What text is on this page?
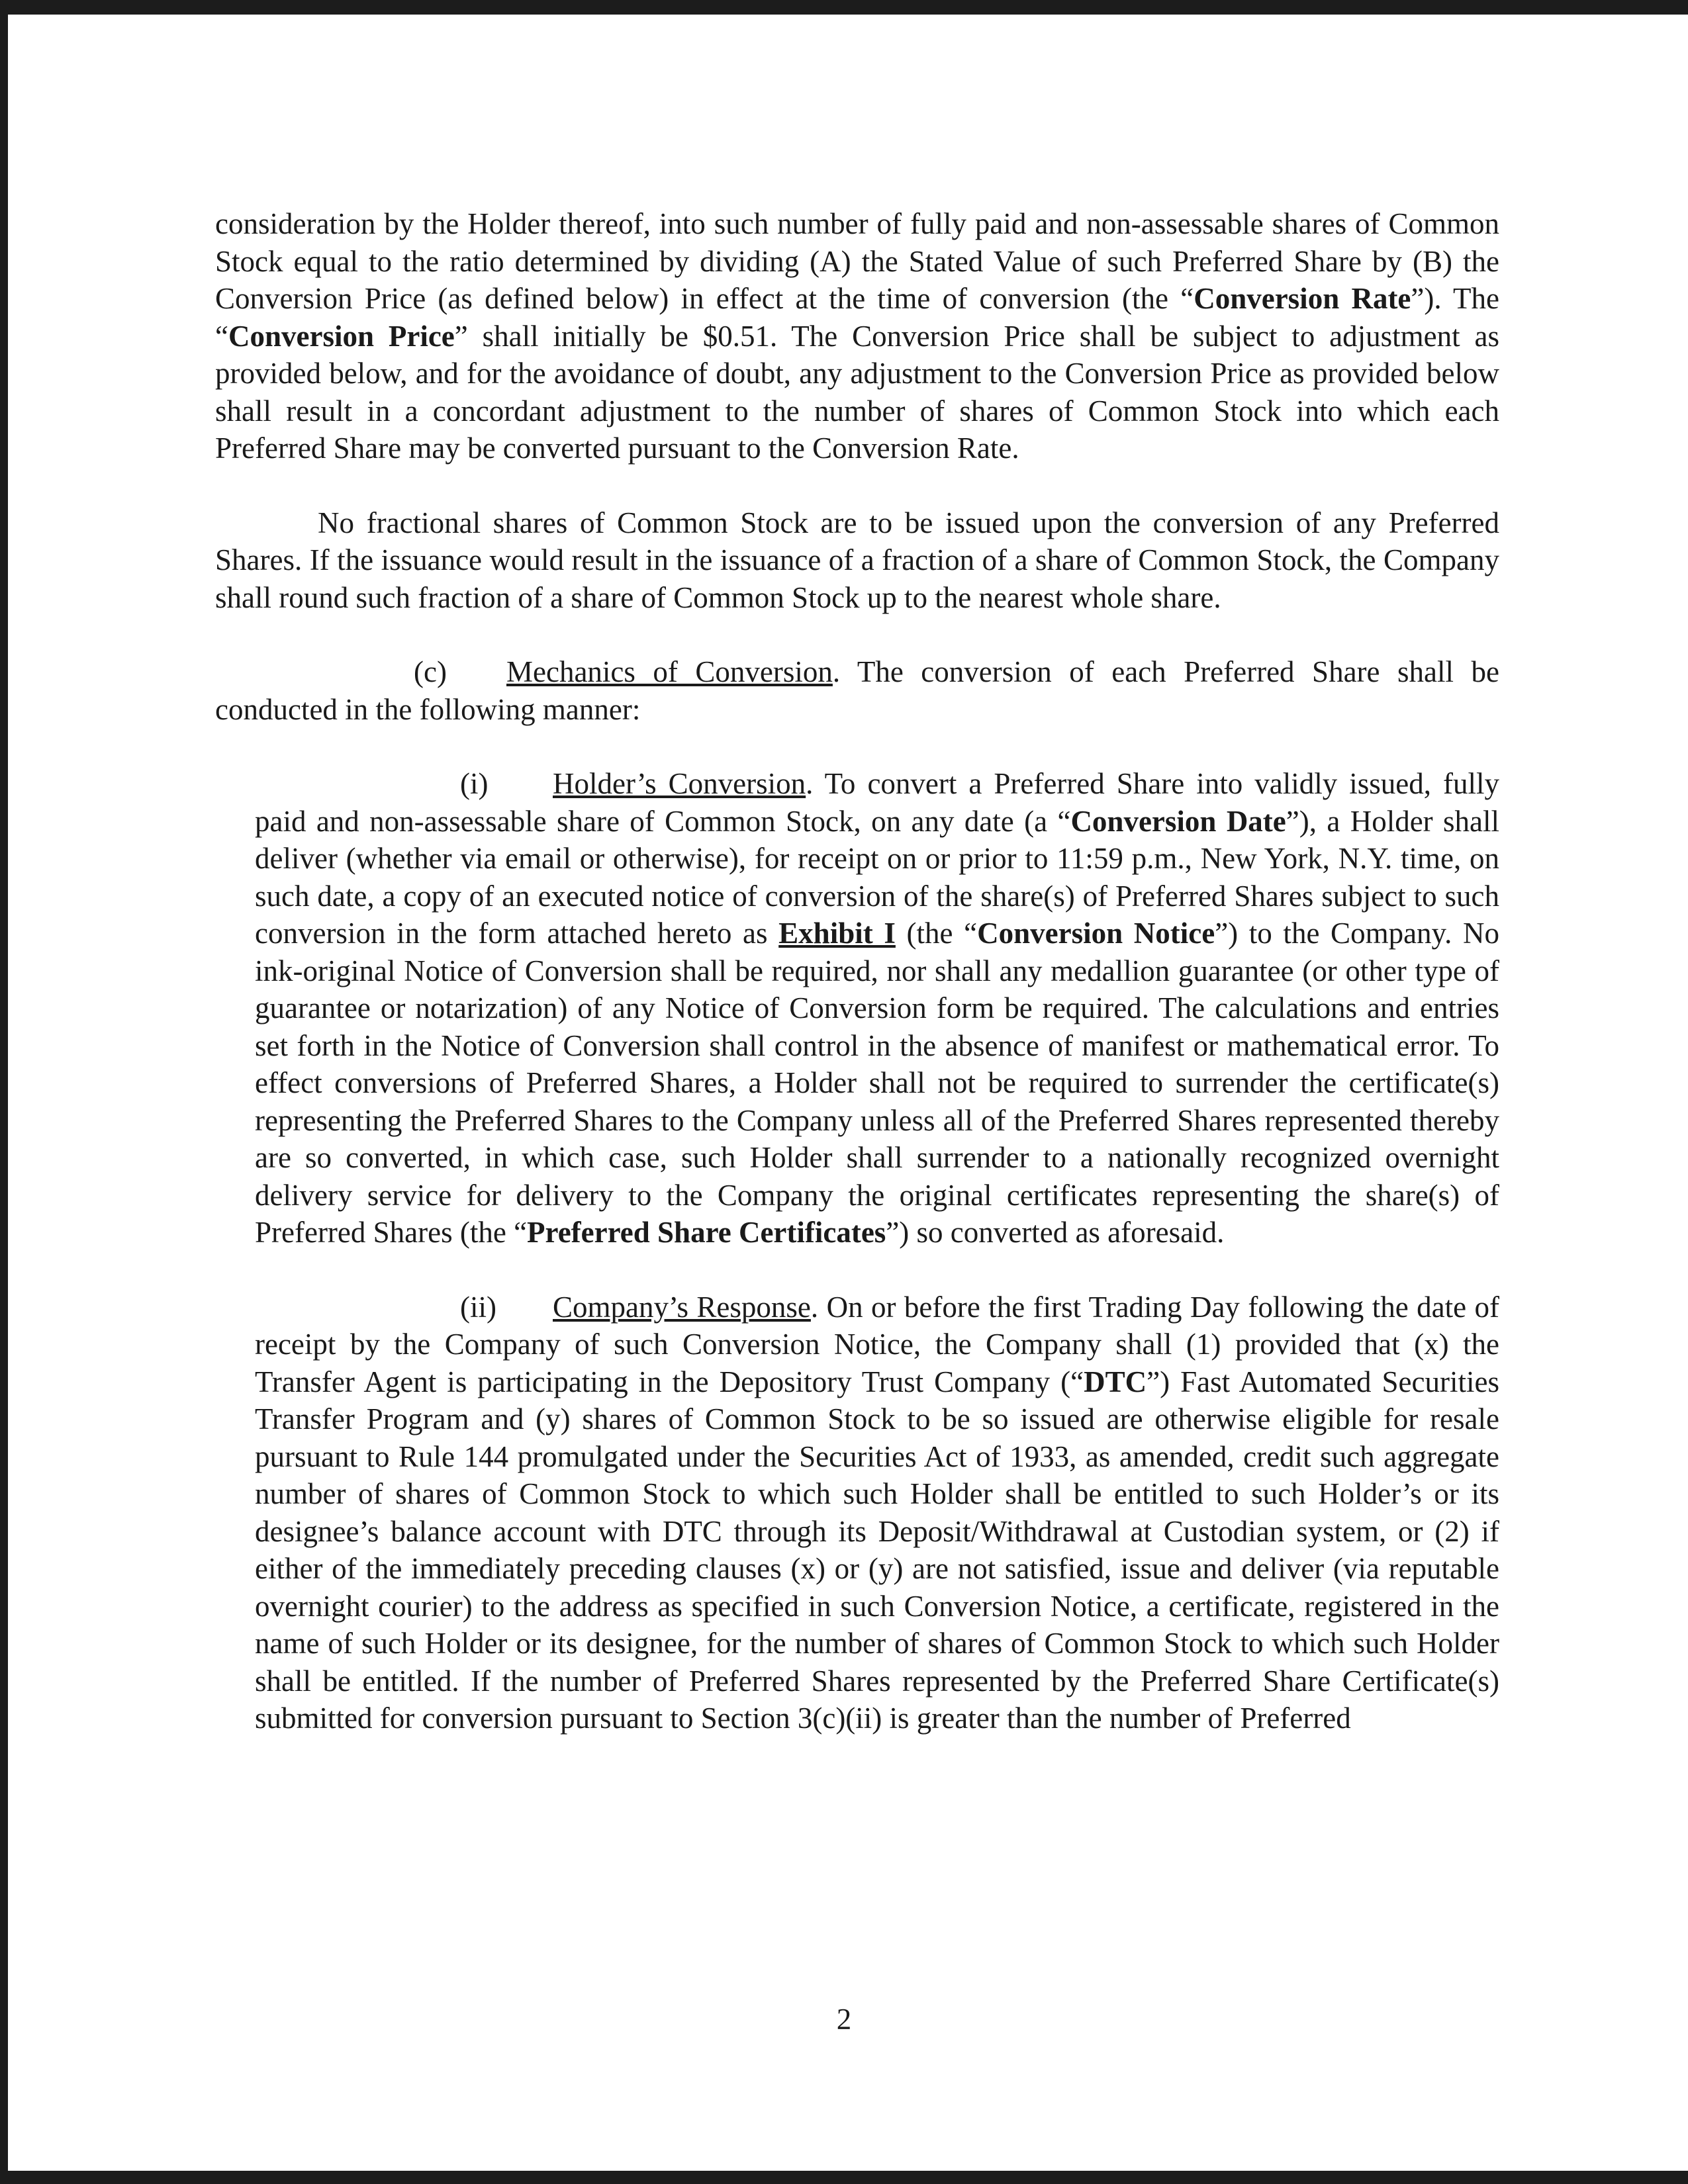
consideration by the Holder thereof, into such number of fully paid and non-assessable shares of Common Stock equal to the ratio determined by dividing (A) the Stated Value of such Preferred Share by (B) the Conversion Price (as defined below) in effect at the time of conversion (the “Conversion Rate”). The “Conversion Price” shall initially be $0.51. The Conversion Price shall be subject to adjustment as provided below, and for the avoidance of doubt, any adjustment to the Conversion Price as provided below shall result in a concordant adjustment to the number of shares of Common Stock into which each Preferred Share may be converted pursuant to the Conversion Rate.

No fractional shares of Common Stock are to be issued upon the conversion of any Preferred Shares. If the issuance would result in the issuance of a fraction of a share of Common Stock, the Company shall round such fraction of a share of Common Stock up to the nearest whole share.

(c) Mechanics of Conversion. The conversion of each Preferred Share shall be conducted in the following manner:

(i) Holder’s Conversion. To convert a Preferred Share into validly issued, fully paid and non-assessable share of Common Stock, on any date (a “Conversion Date”), a Holder shall deliver (whether via email or otherwise), for receipt on or prior to 11:59 p.m., New York, N.Y. time, on such date, a copy of an executed notice of conversion of the share(s) of Preferred Shares subject to such conversion in the form attached hereto as Exhibit I (the “Conversion Notice”) to the Company. No ink-original Notice of Conversion shall be required, nor shall any medallion guarantee (or other type of guarantee or notarization) of any Notice of Conversion form be required. The calculations and entries set forth in the Notice of Conversion shall control in the absence of manifest or mathematical error. To effect conversions of Preferred Shares, a Holder shall not be required to surrender the certificate(s) representing the Preferred Shares to the Company unless all of the Preferred Shares represented thereby are so converted, in which case, such Holder shall surrender to a nationally recognized overnight delivery service for delivery to the Company the original certificates representing the share(s) of Preferred Shares (the “Preferred Share Certificates”) so converted as aforesaid.

(ii) Company’s Response. On or before the first Trading Day following the date of receipt by the Company of such Conversion Notice, the Company shall (1) provided that (x) the Transfer Agent is participating in the Depository Trust Company (“DTC”) Fast Automated Securities Transfer Program and (y) shares of Common Stock to be so issued are otherwise eligible for resale pursuant to Rule 144 promulgated under the Securities Act of 1933, as amended, credit such aggregate number of shares of Common Stock to which such Holder shall be entitled to such Holder’s or its designee’s balance account with DTC through its Deposit/Withdrawal at Custodian system, or (2) if either of the immediately preceding clauses (x) or (y) are not satisfied, issue and deliver (via reputable overnight courier) to the address as specified in such Conversion Notice, a certificate, registered in the name of such Holder or its designee, for the number of shares of Common Stock to which such Holder shall be entitled. If the number of Preferred Shares represented by the Preferred Share Certificate(s) submitted for conversion pursuant to Section 3(c)(ii) is greater than the number of Preferred

2
